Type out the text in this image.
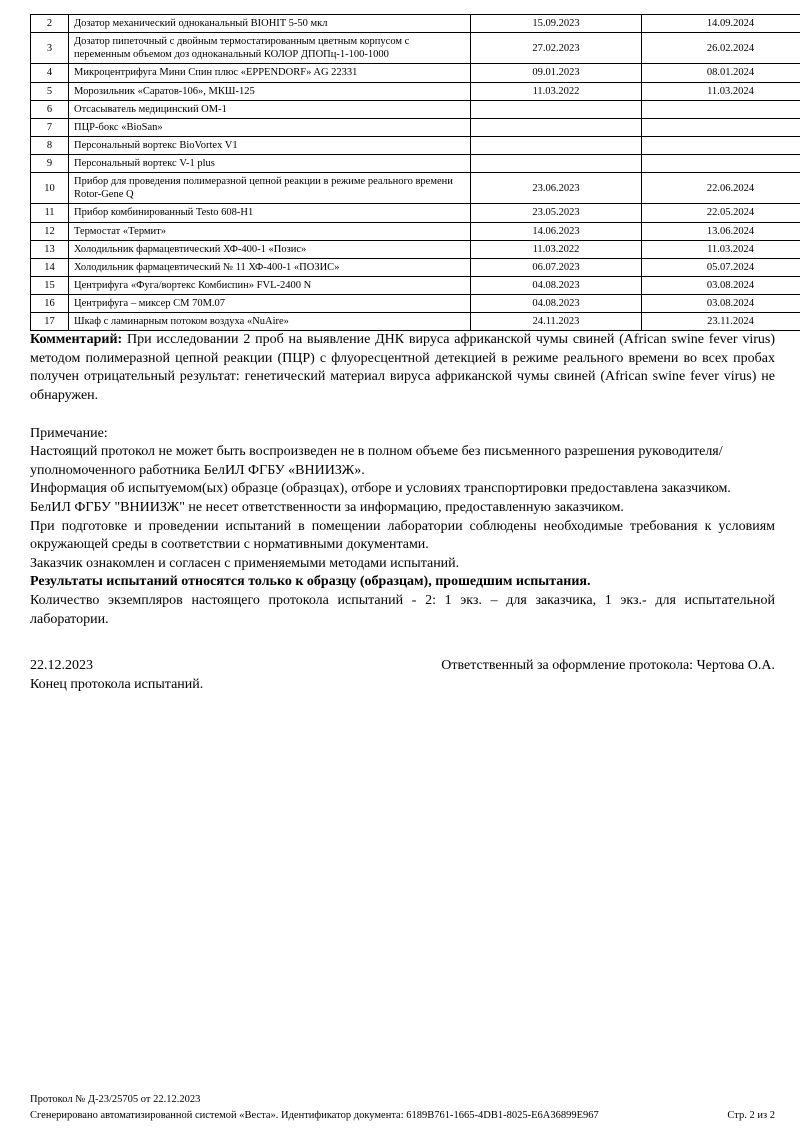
2	Дозатор механический одноканальный BIOHIT 5-50 мкл	15.09.2023	14.09.2024
3	Дозатор пипеточный с двойным термостатированным цветным корпусом с переменным объемом доз одноканальный КОЛОР ДПОПц-1-100-1000	27.02.2023	26.02.2024
4	Микроцентрифуга Мини Спин плюс «EPPENDORF» AG 22331	09.01.2023	08.01.2024
5	Морозильник «Саратов-106», МКШ-125	11.03.2022	11.03.2024
6	Отсасыватель медицинский ОМ-1		
7	ПЦР-бокс «BioSan»		
8	Персональный вортекс BioVortex V1		
9	Персональный вортекс V-1 plus		
10	Прибор для проведения полимеразной цепной реакции в режиме реального времени Rotor-Gene Q	23.06.2023	22.06.2024
11	Прибор комбинированный Testo 608-H1	23.05.2023	22.05.2024
12	Термостат «Термит»	14.06.2023	13.06.2024
13	Холодильник фармацевтический ХФ-400-1 «Позис»	11.03.2022	11.03.2024
14	Холодильник фармацевтический № 11 ХФ-400-1 «ПОЗИС»	06.07.2023	05.07.2024
15	Центрифуга «Фуга/вортекс Комбиспин» FVL-2400 N	04.08.2023	03.08.2024
16	Центрифуга – миксер СМ 70М.07	04.08.2023	03.08.2024
17	Шкаф с ламинарным потоком воздуха «NuAire»	24.11.2023	23.11.2024

Комментарий: При исследовании 2 проб на выявление ДНК вируса африканской чумы свиней (African swine fever virus) методом полимеразной цепной реакции (ПЦР) с флуоресцентной детекцией в режиме реального времени во всех пробах получен отрицательный результат: генетический материал вируса африканской чумы свиней (African swine fever virus) не обнаружен.

Примечание:

Настоящий протокол не может быть воспроизведен не в полном объеме без письменного разрешения руководителя/уполномоченного работника БелИЛ ФГБУ «ВНИИЗЖ».

Информация об испытуемом(ых) образце (образцах), отборе и условиях транспортировки предоставлена заказчиком.

БелИЛ ФГБУ "ВНИИЗЖ" не несет ответственности за информацию, предоставленную заказчиком.

При подготовке и проведении испытаний в помещении лаборатории соблюдены необходимые требования к условиям окружающей среды в соответствии с нормативными документами.

Заказчик ознакомлен и согласен с применяемыми методами испытаний.

Результаты испытаний относятся только к образцу (образцам), прошедшим испытания.

Количество экземпляров настоящего протокола испытаний - 2: 1 экз. – для заказчика, 1 экз.- для испытательной лаборатории.

22.12.2023	Ответственный за оформление протокола: Чертова О.А.

Конец протокола испытаний.

Протокол № Д-23/25705 от 22.12.2023
Сгенерировано автоматизированной системой «Веста». Идентификатор документа: 6189B761-1665-4DB1-8025-E6A36899E967	Стр. 2 из 2
